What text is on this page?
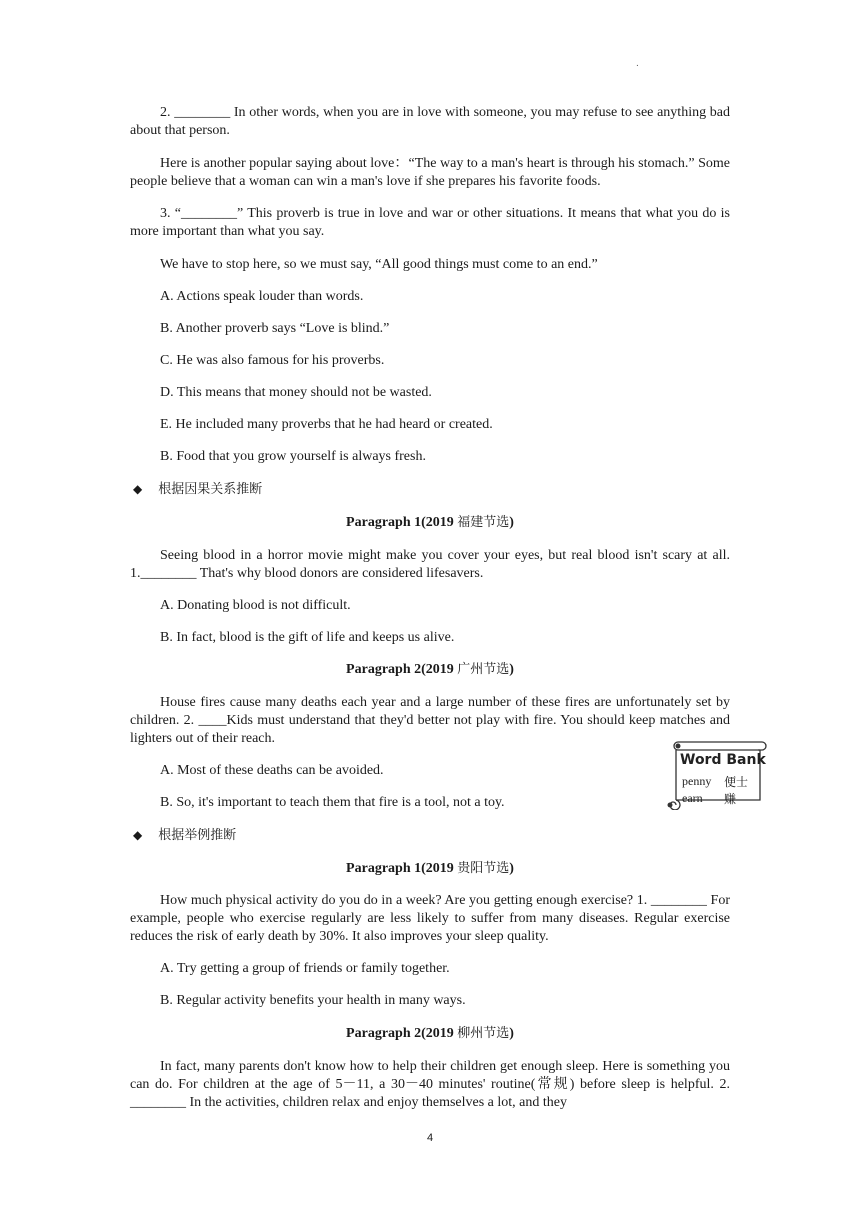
.
2. ________ In other words, when you are in love with someone, you may refuse to see anything bad about that person.
Here is another popular saying about love：“The way to a man's heart is through his stomach.” Some people believe that a woman can win a man's love if she prepares his favorite foods.
3. “________” This proverb is true in love and war or other situations. It means that what you do is more important than what you say.
We have to stop here, so we must say, “All good things must come to an end.”
A. Actions speak louder than words.
B. Another proverb says “Love is blind.”
C. He was also famous for his proverbs.
D. This means that money should not be wasted.
E. He included many proverbs that he had heard or created.
B. Food that you grow yourself is always fresh.
◆ 根据因果关系推断
Paragraph 1(2019 福建节选)
Seeing blood in a horror movie might make you cover your eyes, but real blood isn't scary at all. 1.________ That's why blood donors are considered lifesavers.
A. Donating blood is not difficult.
B. In fact, blood is the gift of life and keeps us alive.
Paragraph 2(2019 广州节选)
House fires cause many deaths each year and a large number of these fires are unfortunately set by children. 2. ____Kids must understand that they'd better not play with fire. You should keep matches and lighters out of their reach.
A. Most of these deaths can be avoided.
B. So, it's important to teach them that fire is a tool, not a toy.
Word Bank
penny 便士
earn 赚
◆ 根据举例推断
Paragraph 1(2019 贵阳节选)
How much physical activity do you do in a week? Are you getting enough exercise? 1. ________ For example, people who exercise regularly are less likely to suffer from many diseases. Regular exercise reduces the risk of early death by 30%. It also improves your sleep quality.
A. Try getting a group of friends or family together.
B. Regular activity benefits your health in many ways.
Paragraph 2(2019 柳州节选)
In fact, many parents don't know how to help their children get enough sleep. Here is something you can do. For children at the age of 5－11, a 30－40 minutes' routine(常规) before sleep is helpful. 2. ________ In the activities, children relax and enjoy themselves a lot, and they
4
